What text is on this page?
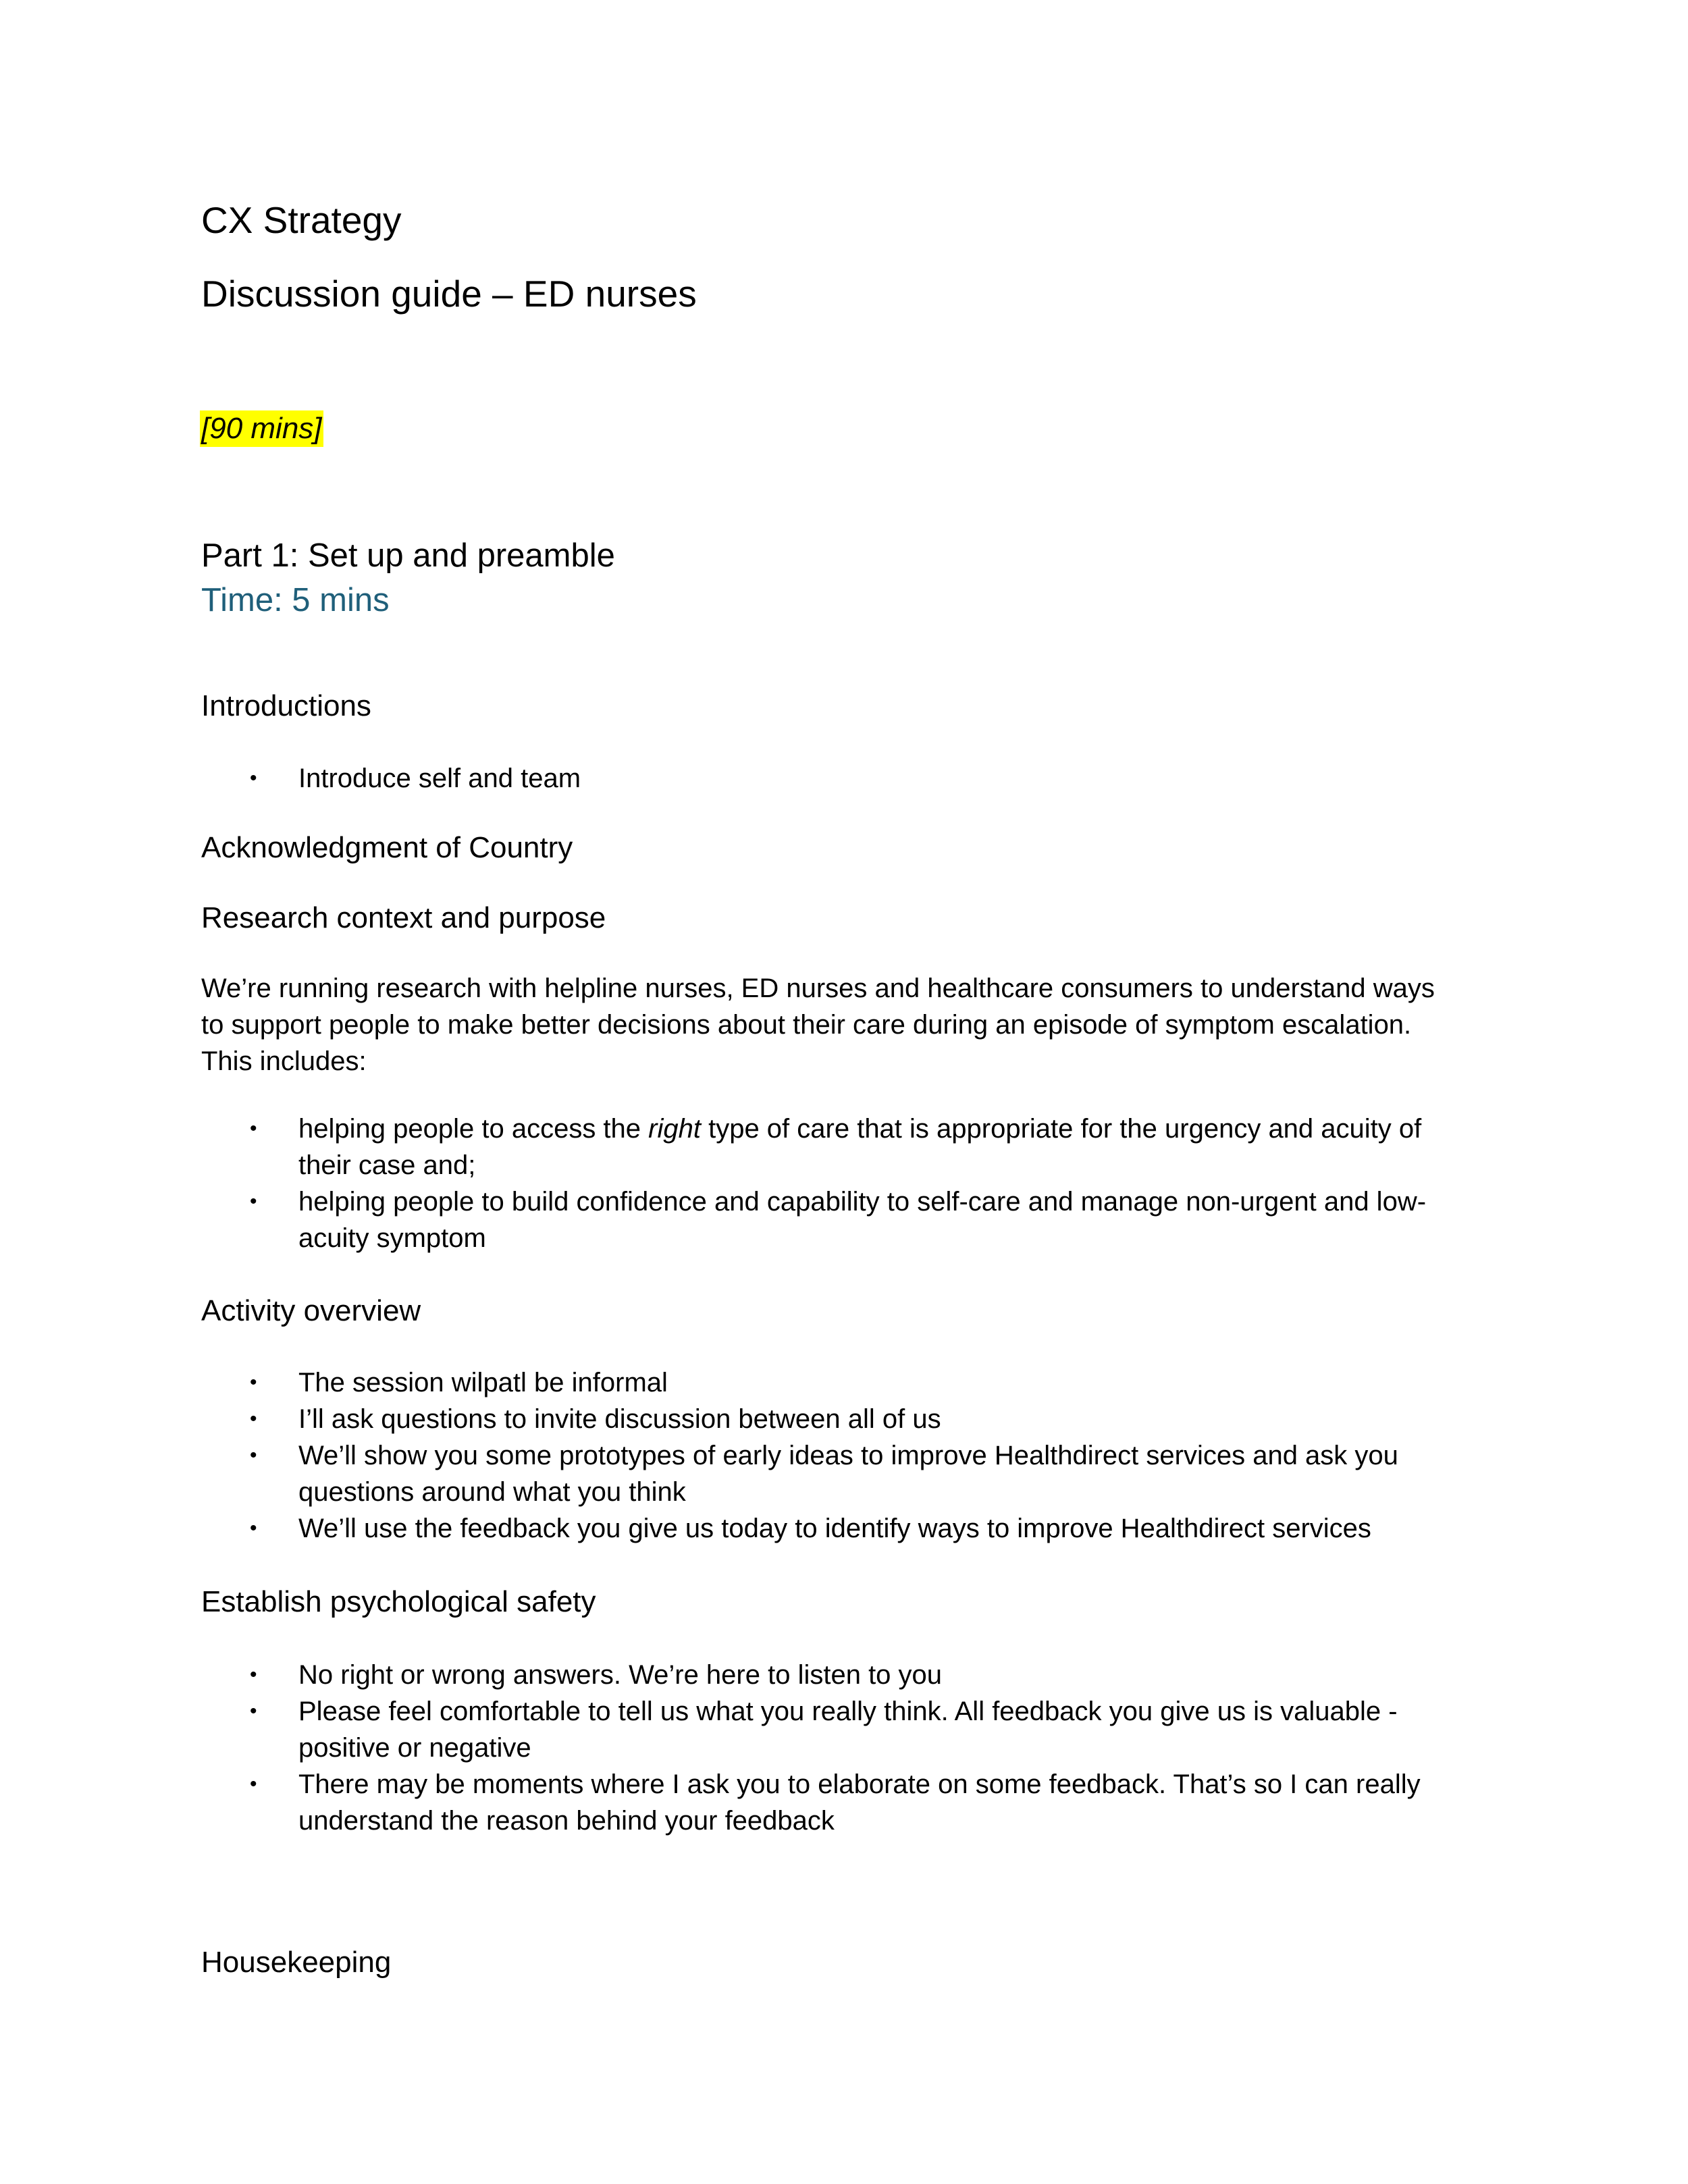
CX Strategy
Discussion guide – ED nurses
[90 mins]
Part 1: Set up and preamble
Time: 5 mins
Introductions
• Introduce self and team
Acknowledgment of Country
Research context and purpose
We’re running research with helpline nurses, ED nurses and healthcare consumers to understand ways
to support people to make better decisions about their care during an episode of symptom escalation.
This includes:
• helping people to access the right type of care that is appropriate for the urgency and acuity of their case and;
• helping people to build confidence and capability to self-care and manage non-urgent and low-acuity symptom
Activity overview
• The session wilpatl be informal
• I’ll ask questions to invite discussion between all of us
• We’ll show you some prototypes of early ideas to improve Healthdirect services and ask you questions around what you think
• We’ll use the feedback you give us today to identify ways to improve Healthdirect services
Establish psychological safety
• No right or wrong answers. We’re here to listen to you
• Please feel comfortable to tell us what you really think. All feedback you give us is valuable - positive or negative
• There may be moments where I ask you to elaborate on some feedback. That’s so I can really understand the reason behind your feedback
Housekeeping
